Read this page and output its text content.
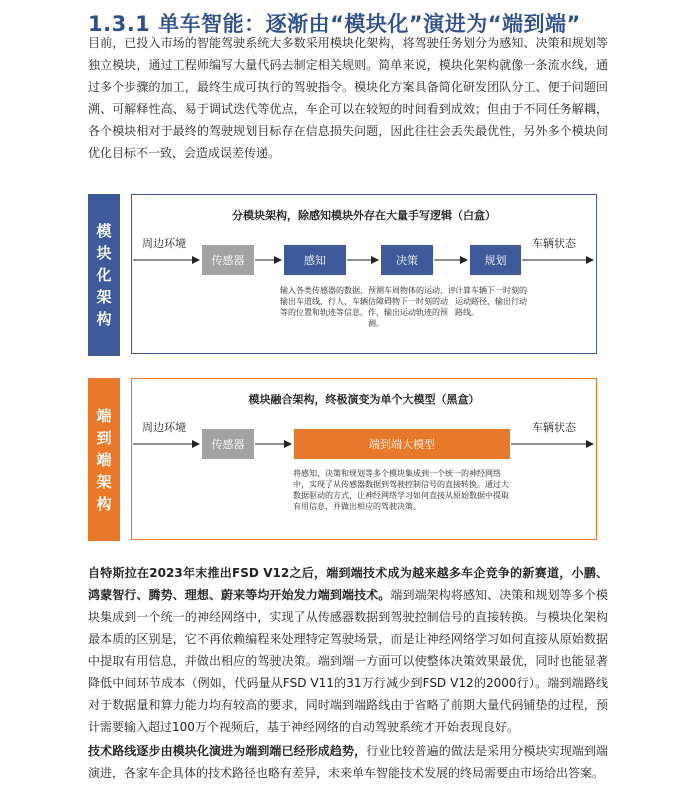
1.3.1 单车智能：逐渐由“模块化”演进为“端到端”
目前，已投入市场的智能驾驶系统大多数采用模块化架构，将驾驶任务划分为感知、决策和规划等独立模块，通过工程师编写大量代码去制定相关规则。简单来说，模块化架构就像一条流水线，通过多个步骤的加工，最终生成可执行的驾驶指令。模块化方案具备简化研发团队分工、便于问题回溯、可解释性高、易于调试迭代等优点，车企可以在较短的时间看到成效；但由于不同任务解耦，各个模块相对于最终的驾驶规划目标存在信息损失问题，因此往往会丢失最优性，另外多个模块间优化目标不一致，会造成误差传递。
模块化架构
分模块架构，除感知模块外存在大量手写逻辑（白盒）
周边环境	车辆状态
传感器	感知	决策	规划
输入各类传感器的数据，输出车道线，行人，车辆等的位置和轨迹等信息。
预测车周物体的运动，评估障碍物下一时刻的动作，输出运动轨迹的预测。
计算车辆下一时刻的运动路径，输出行动路线。
端到端架构
模块融合架构，终极演变为单个大模型（黑盒）
周边环境	车辆状态
传感器	端到端大模型
将感知、决策和规划等多个模块集成到一个统一的神经网络中，实现了从传感器数据到驾驶控制信号的直接转换。通过大数据驱动的方式，让神经网络学习如何直接从原始数据中提取有用信息，并做出相应的驾驶决策。
自特斯拉在2023年末推出FSD V12之后，端到端技术成为越来越多车企竞争的新赛道，小鹏、鸿蒙智行、腾势、理想、蔚来等均开始发力端到端技术。端到端架构将感知、决策和规划等多个模块集成到一个统一的神经网络中，实现了从传感器数据到驾驶控制信号的直接转换。与模块化架构最本质的区别是，它不再依赖编程来处理特定驾驶场景，而是让神经网络学习如何直接从原始数据中提取有用信息，并做出相应的驾驶决策。端到端一方面可以使整体决策效果最优，同时也能显著降低中间环节成本（例如，代码量从FSD V11的31万行减少到FSD V12的2000行）。端到端路线对于数据量和算力能力均有较高的要求，同时端到端路线由于省略了前期大量代码铺垫的过程，预计需要输入超过100万个视频后，基于神经网络的自动驾驶系统才开始表现良好。
技术路线逐步由模块化演进为端到端已经形成趋势，行业比较普遍的做法是采用分模块实现端到端演进，各家车企具体的技术路径也略有差异，未来单车智能技术发展的终局需要由市场给出答案。
